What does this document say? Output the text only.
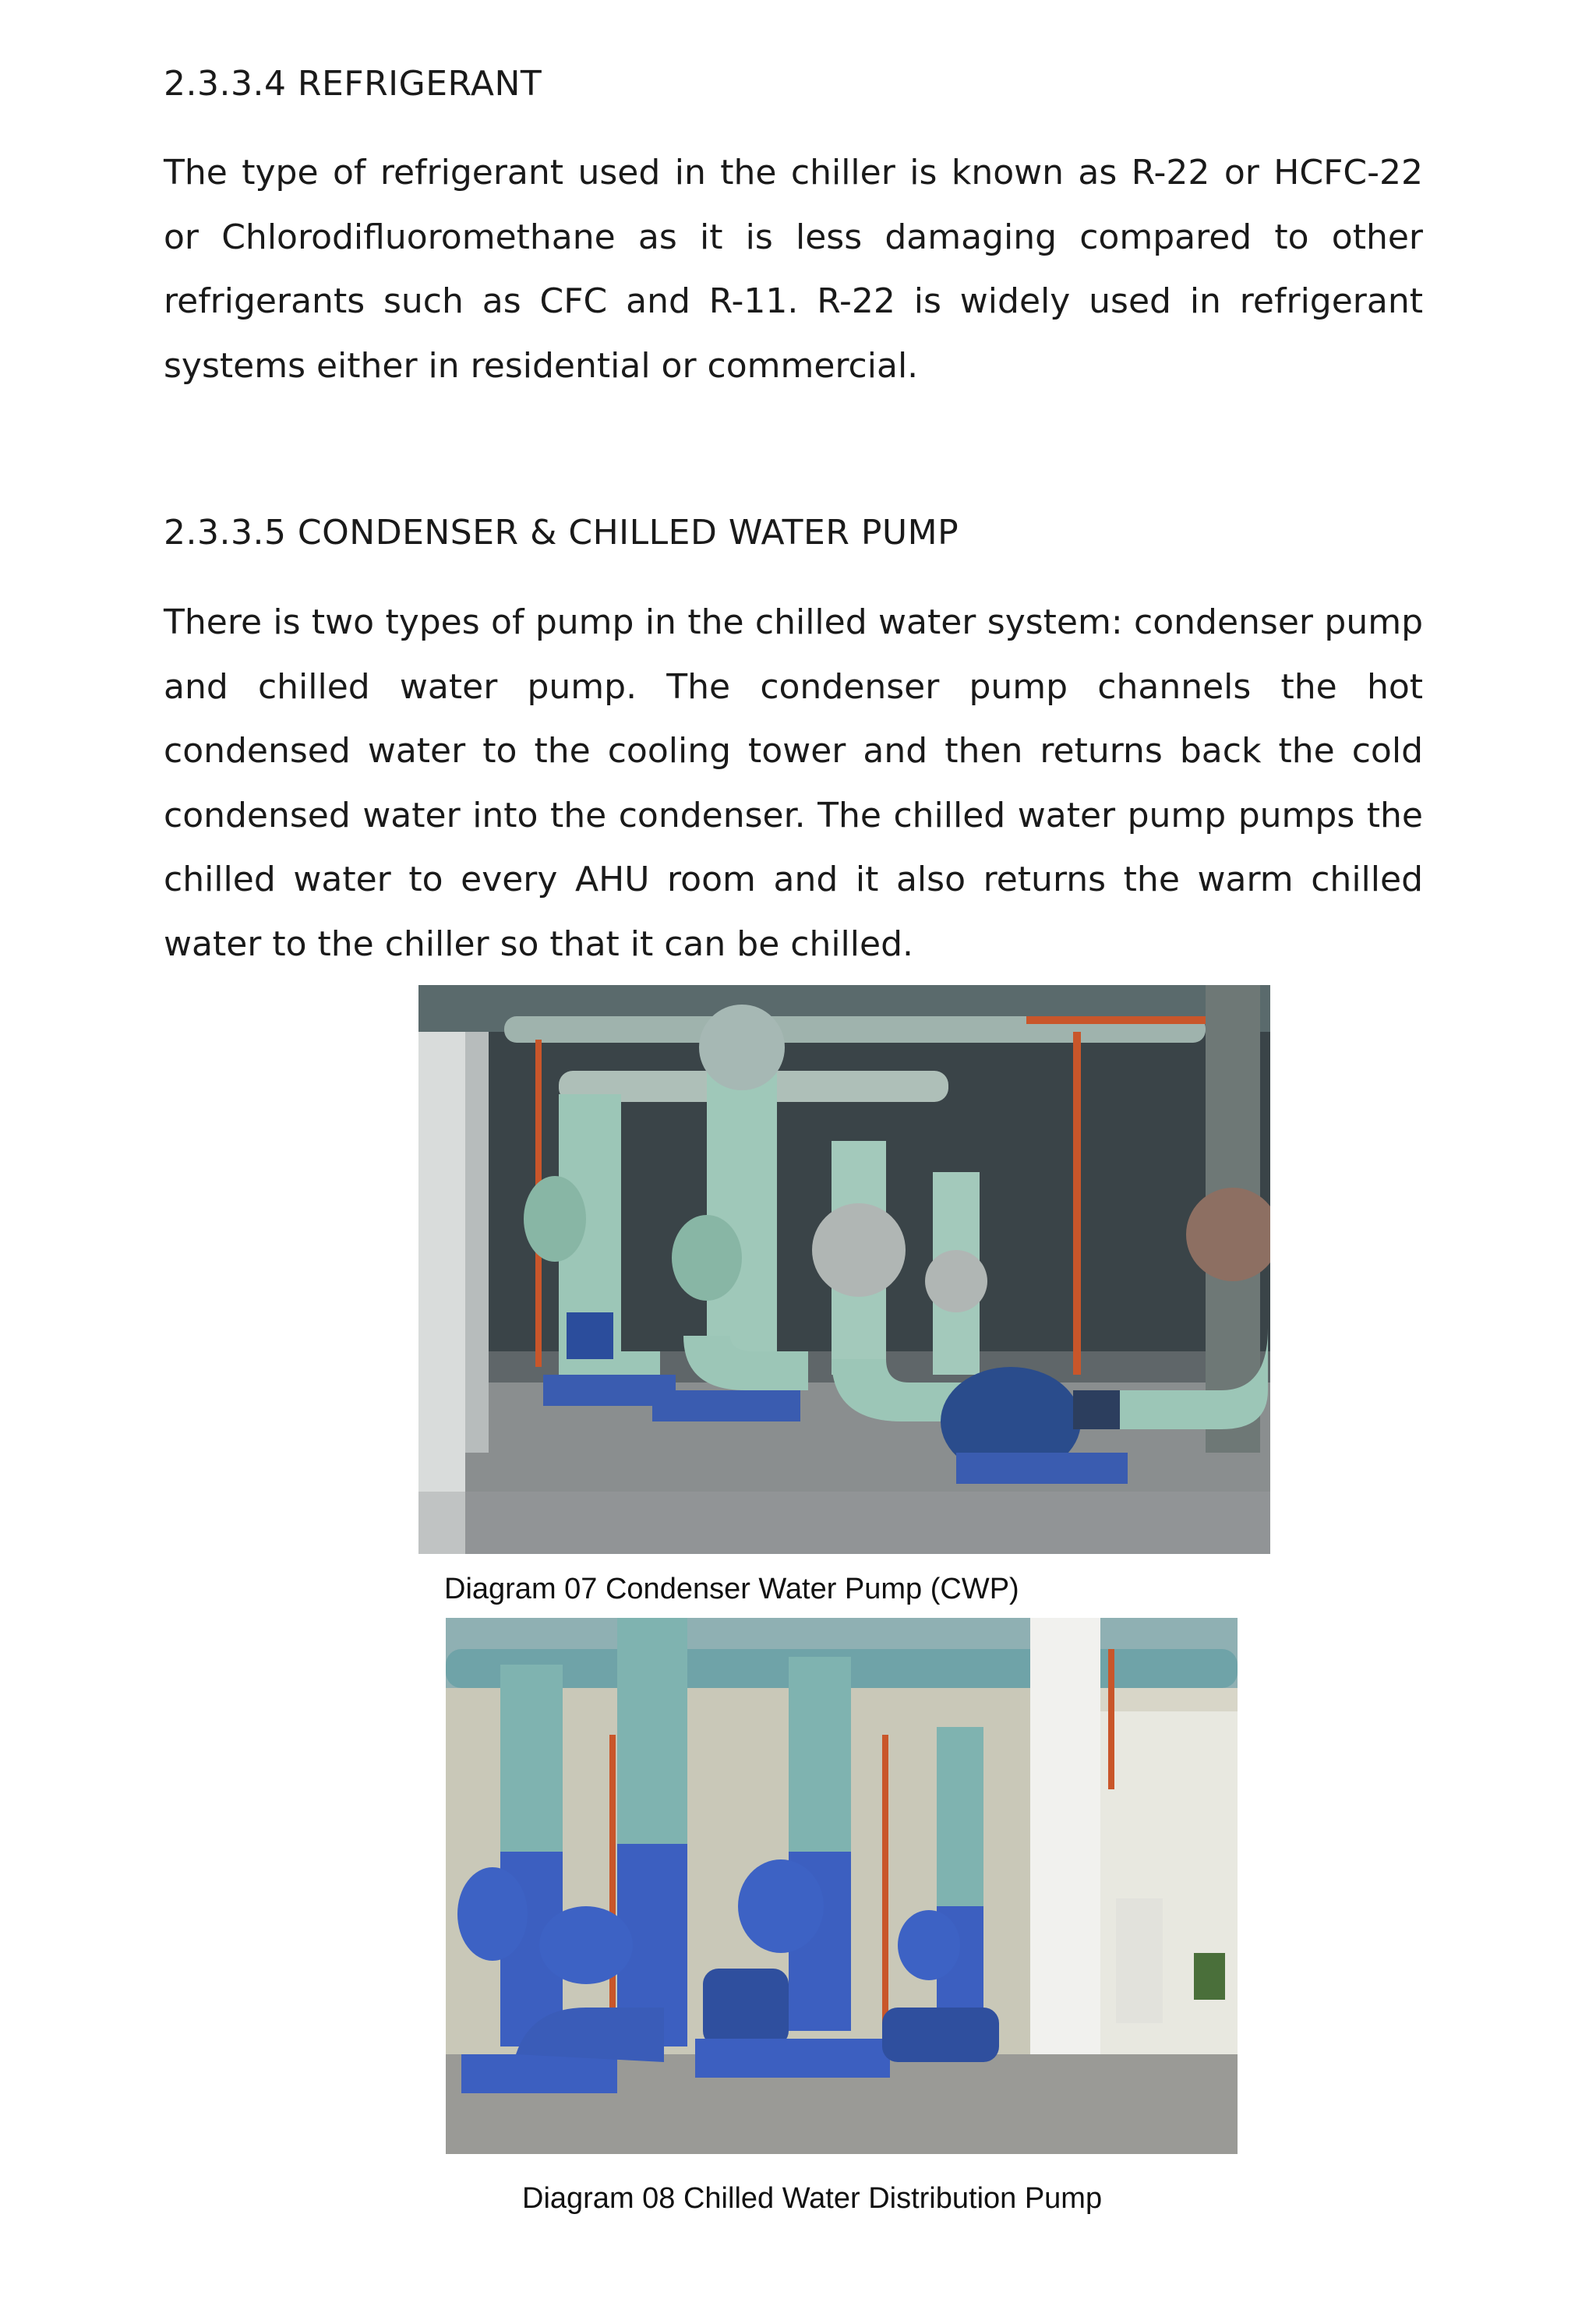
2.3.3.4 REFRIGERANT

The type of refrigerant used in the chiller is known as R-22 or HCFC-22 or Chlorodifluoromethane as it is less damaging compared to other refrigerants such as CFC and R-11. R-22 is widely used in refrigerant systems either in residential or commercial.

2.3.3.5 CONDENSER & CHILLED WATER PUMP

There is two types of pump in the chilled water system: condenser pump and chilled water pump. The condenser pump channels the hot condensed water to the cooling tower and then returns back the cold condensed water into the condenser. The chilled water pump pumps the chilled water to every AHU room and it also returns the warm chilled water to the chiller so that it can be chilled.

Diagram 07 Condenser Water Pump (CWP)

Diagram 08 Chilled Water Distribution Pump
